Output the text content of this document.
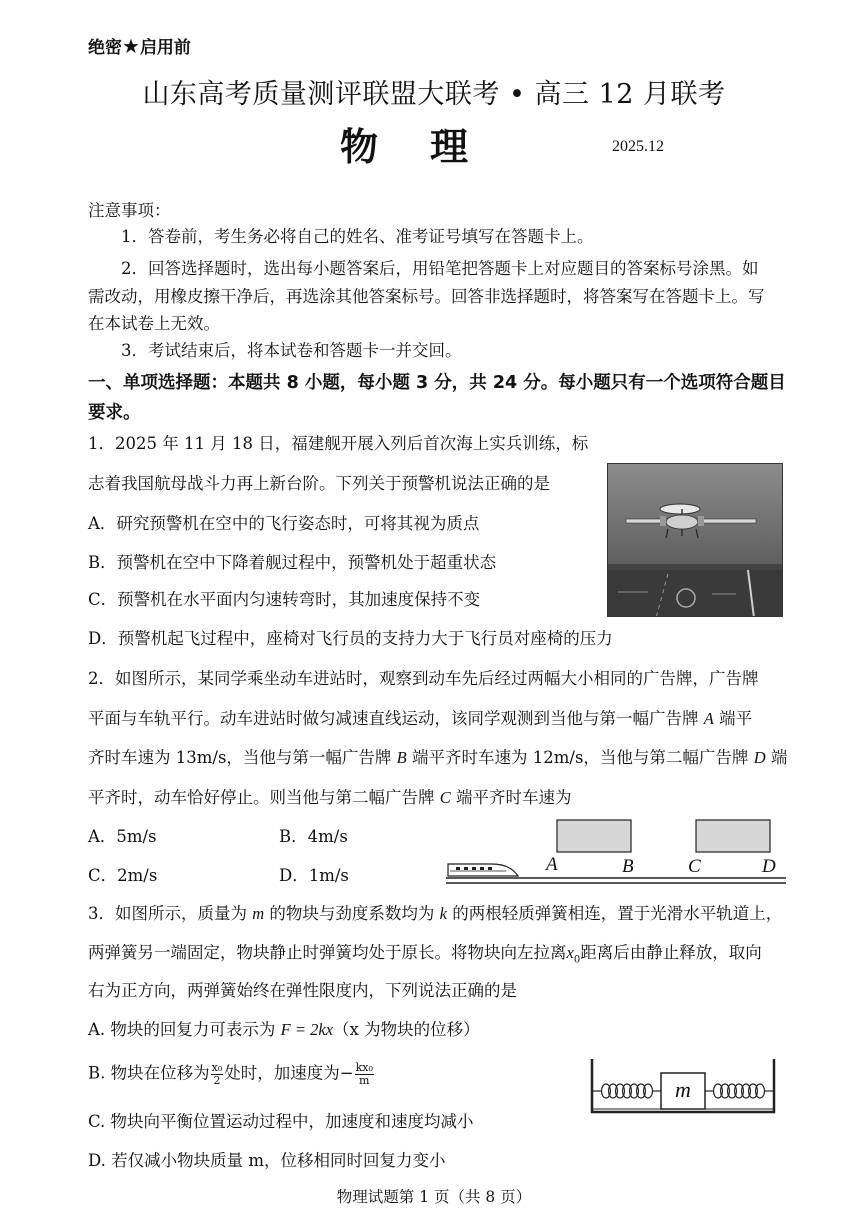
绝密★启用前
山东高考质量测评联盟大联考 • 高三 12 月联考
物理	2025.12
注意事项：
1．答卷前，考生务必将自己的姓名、准考证号填写在答题卡上。
2．回答选择题时，选出每小题答案后，用铅笔把答题卡上对应题目的答案标号涂黑。如
需改动，用橡皮擦干净后，再选涂其他答案标号。回答非选择题时，将答案写在答题卡上。写
在本试卷上无效。
3．考试结束后，将本试卷和答题卡一并交回。
一、单项选择题：本题共 8 小题，每小题 3 分，共 24 分。每小题只有一个选项符合题目
要求。
1．2025 年 11 月 18 日，福建舰开展入列后首次海上实兵训练，标
志着我国航母战斗力再上新台阶。下列关于预警机说法正确的是
A．研究预警机在空中的飞行姿态时，可将其视为质点
B．预警机在空中下降着舰过程中，预警机处于超重状态
C．预警机在水平面内匀速转弯时，其加速度保持不变
D．预警机起飞过程中，座椅对飞行员的支持力大于飞行员对座椅的压力
2．如图所示，某同学乘坐动车进站时，观察到动车先后经过两幅大小相同的广告牌，广告牌
平面与车轨平行。动车进站时做匀减速直线运动，该同学观测到当他与第一幅广告牌 A 端平
齐时车速为 13m/s，当他与第一幅广告牌 B 端平齐时车速为 12m/s，当他与第二幅广告牌 D 端
平齐时，动车恰好停止。则当他与第二幅广告牌 C 端平齐时车速为
A．5m/s	B．4m/s
C．2m/s	D．1m/s
A	B	C	D
3．如图所示，质量为 m 的物块与劲度系数均为 k 的两根轻质弹簧相连，置于光滑水平轨道上，
两弹簧另一端固定，物块静止时弹簧均处于原长。将物块向左拉离$x_0$距离后由静止释放，取向
右为正方向，两弹簧始终在弹性限度内，下列说法正确的是
A. 物块的回复力可表示为 F = 2kx（x 为物块的位移）
B. 物块在位移为 $\frac{\text{x₀}}{2}$ 处时，加速度为− $\frac{\text{kx₀}}{m}$
C. 物块向平衡位置运动过程中，加速度和速度均减小
D. 若仅减小物块质量 m，位移相同时回复力变小
m
物理试题第 1 页（共 8 页）
